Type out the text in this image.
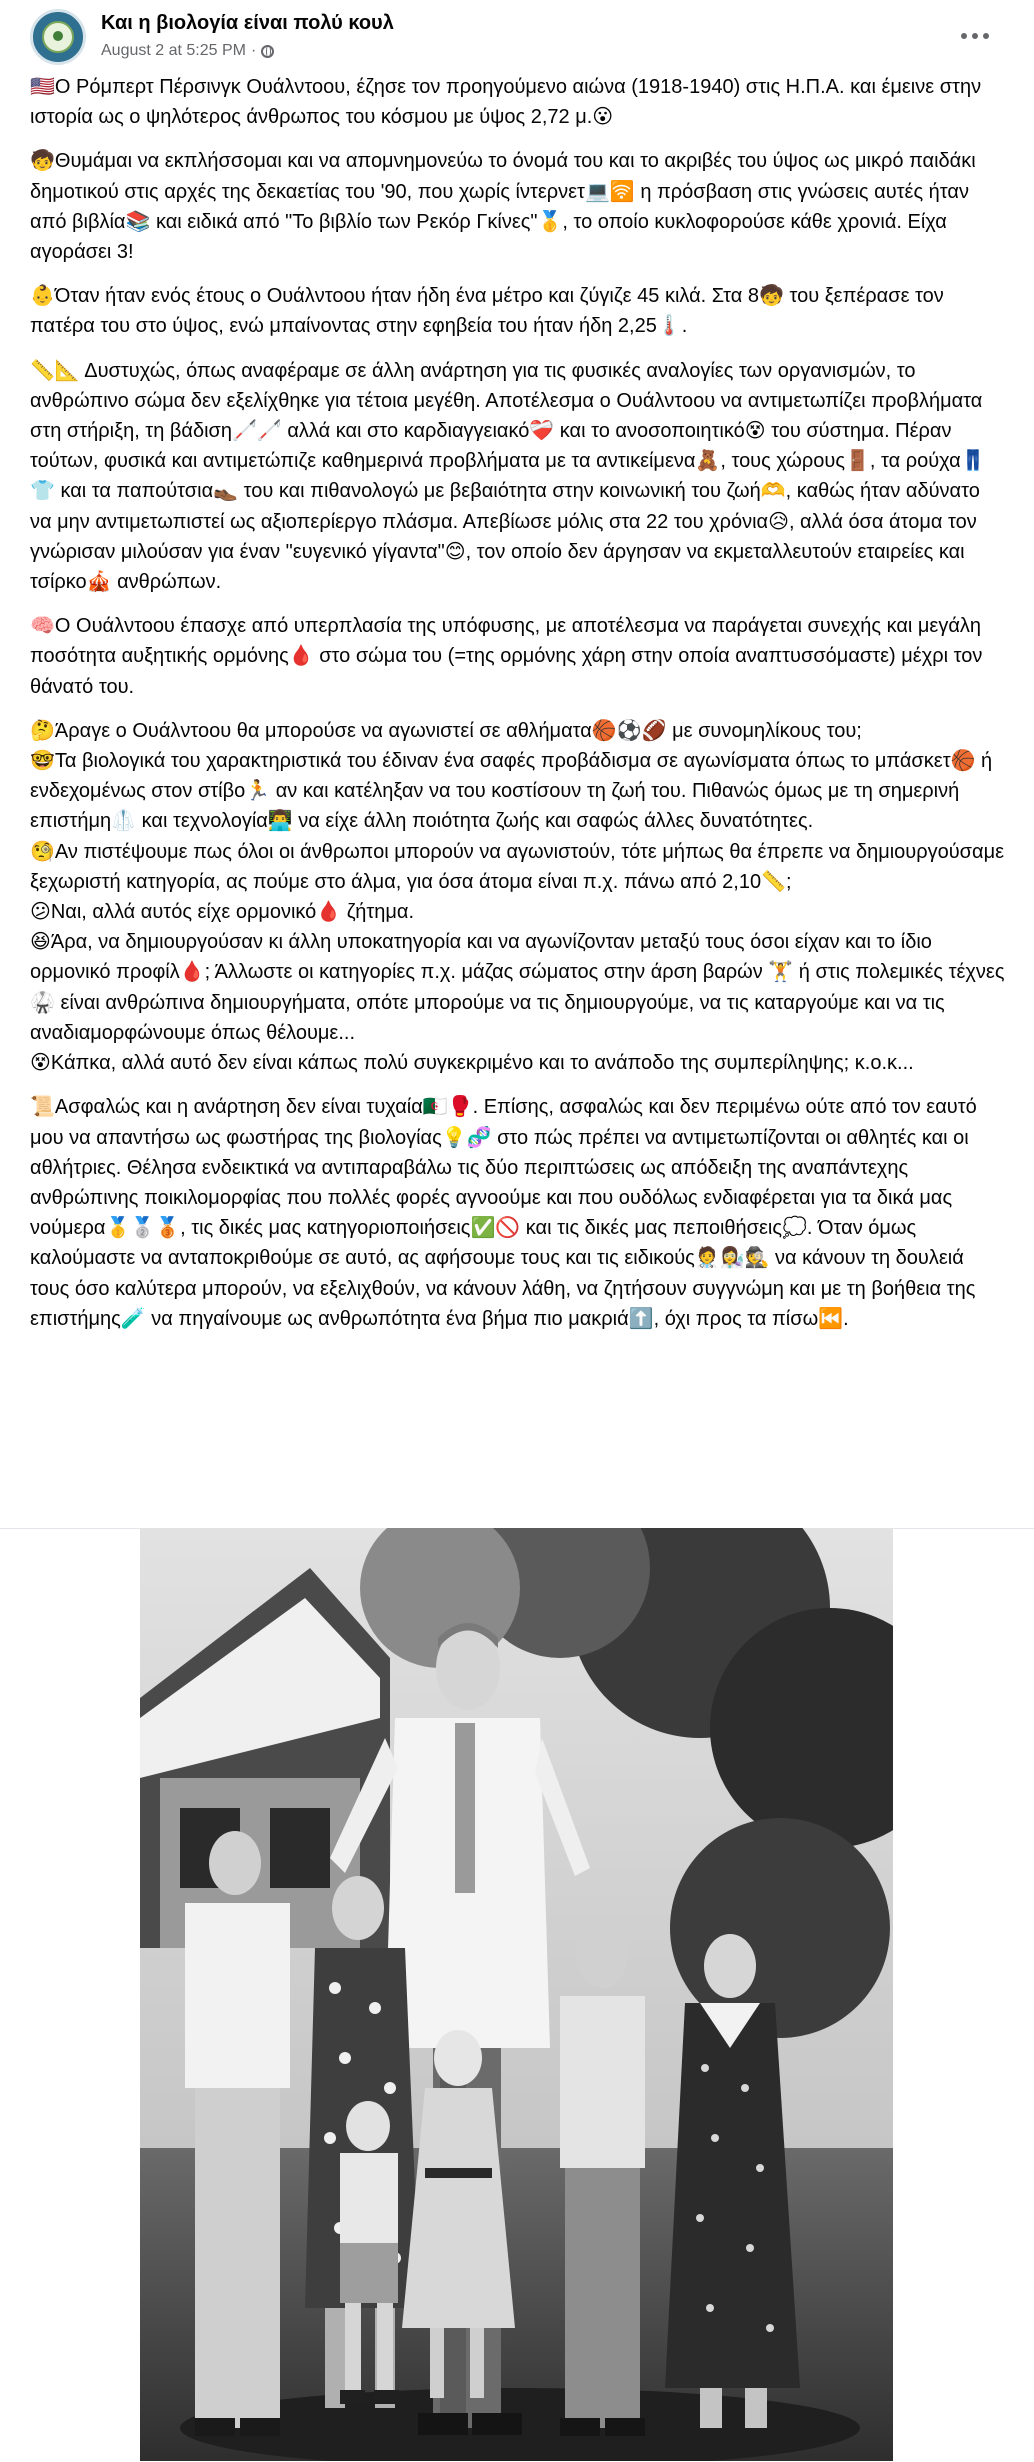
Και η βιολογία είναι πολύ κουλ
August 2 at 5:25 PM ·

🇺🇸Ο Ρόμπερτ Πέρσινγκ Ουάλντοου, έζησε τον προηγούμενο αιώνα (1918-1940) στις Η.Π.Α. και έμεινε στην ιστορία ως ο ψηλότερος άνθρωπος του κόσμου με ύψος 2,72 μ.😮

🧒Θυμάμαι να εκπλήσσομαι και να απομνημονεύω το όνομά του και το ακριβές του ύψος ως μικρό παιδάκι δημοτικού στις αρχές της δεκαετίας του '90, που χωρίς ίντερνετ💻🛜 η πρόσβαση στις γνώσεις αυτές ήταν από βιβλία📚 και ειδικά από "Το βιβλίο των Ρεκόρ Γκίνες"🥇, το οποίο κυκλοφορούσε κάθε χρονιά. Είχα αγοράσει 3!

👶Όταν ήταν ενός έτους ο Ουάλντοου ήταν ήδη ένα μέτρο και ζύγιζε 45 κιλά. Στα 8🧒 του ξεπέρασε τον πατέρα του στο ύψος, ενώ μπαίνοντας στην εφηβεία του ήταν ήδη 2,25🌡️.

📏📐 Δυστυχώς, όπως αναφέραμε σε άλλη ανάρτηση για τις φυσικές αναλογίες των οργανισμών, το ανθρώπινο σώμα δεν εξελίχθηκε για τέτοια μεγέθη. Αποτέλεσμα ο Ουάλντοου να αντιμετωπίζει προβλήματα στη στήριξη, τη βάδιση🦯🦯 αλλά και στο καρδιαγγειακό❤️‍🩹 και το ανοσοποιητικό😵 του σύστημα. Πέραν τούτων, φυσικά και αντιμετώπιζε καθημερινά προβλήματα με τα αντικείμενα🧸, τους χώρους🚪, τα ρούχα👖👕 και τα παπούτσια👞 του και πιθανολογώ με βεβαιότητα στην κοινωνική του ζωή🫶, καθώς ήταν αδύνατο να μην αντιμετωπιστεί ως αξιοπερίεργο πλάσμα. Απεβίωσε μόλις στα 22 του χρόνια😥, αλλά όσα άτομα τον γνώρισαν μιλούσαν για έναν "ευγενικό γίγαντα"😊, τον οποίο δεν άργησαν να εκμεταλλευτούν εταιρείες και τσίρκο🎪 ανθρώπων.

🧠Ο Ουάλντοου έπασχε από υπερπλασία της υπόφυσης, με αποτέλεσμα να παράγεται συνεχής και μεγάλη ποσότητα αυξητικής ορμόνης🩸 στο σώμα του (=της ορμόνης χάρη στην οποία αναπτυσσόμαστε) μέχρι τον θάνατό του.

🤔Άραγε ο Ουάλντοου θα μπορούσε να αγωνιστεί σε αθλήματα🏀⚽🏈 με συνομηλίκους του;
🤓Τα βιολογικά του χαρακτηριστικά του έδιναν ένα σαφές προβάδισμα σε αγωνίσματα όπως το μπάσκετ🏀 ή ενδεχομένως στον στίβο🏃 αν και κατέληξαν να του κοστίσουν τη ζωή του. Πιθανώς όμως με τη σημερινή επιστήμη🥼 και τεχνολογία👨‍💻 να είχε άλλη ποιότητα ζωής και σαφώς άλλες δυνατότητες.
🧐Αν πιστέψουμε πως όλοι οι άνθρωποι μπορούν να αγωνιστούν, τότε μήπως θα έπρεπε να δημιουργούσαμε ξεχωριστή κατηγορία, ας πούμε στο άλμα, για όσα άτομα είναι π.χ. πάνω από 2,10📏;
😕Ναι, αλλά αυτός είχε ορμονικό🩸 ζήτημα.
😆Άρα, να δημιουργούσαν κι άλλη υποκατηγορία και να αγωνίζονταν μεταξύ τους όσοι είχαν και το ίδιο ορμονικό προφίλ🩸; Άλλωστε οι κατηγορίες π.χ. μάζας σώματος στην άρση βαρών 🏋️ ή στις πολεμικές τέχνες🥋 είναι ανθρώπινα δημιουργήματα, οπότε μπορούμε να τις δημιουργούμε, να τις καταργούμε και να τις αναδιαμορφώνουμε όπως θέλουμε...
😵Κάπκα, αλλά αυτό δεν είναι κάπως πολύ συγκεκριμένο και το ανάποδο της συμπερίληψης; κ.ο.κ...

📜Ασφαλώς και η ανάρτηση δεν είναι τυχαία🇩🇿🥊. Επίσης, ασφαλώς και δεν περιμένω ούτε από τον εαυτό μου να απαντήσω ως φωστήρας της βιολογίας💡🧬 στο πώς πρέπει να αντιμετωπίζονται οι αθλητές και οι αθλήτριες. Θέλησα ενδεικτικά να αντιπαραβάλω τις δύο περιπτώσεις ως απόδειξη της αναπάντεχης ανθρώπινης ποικιλομορφίας που πολλές φορές αγνοούμε και που ουδόλως ενδιαφέρεται για τα δικά μας νούμερα🥇🥈🥉, τις δικές μας κατηγοριοποιήσεις✅🚫 και τις δικές μας πεποιθήσεις💭. Όταν όμως καλούμαστε να ανταποκριθούμε σε αυτό, ας αφήσουμε τους και τις ειδικούς🧑‍⚕️👩‍🔬🕵️ να κάνουν τη δουλειά τους όσο καλύτερα μπορούν, να εξελιχθούν, να κάνουν λάθη, να ζητήσουν συγγνώμη και με τη βοήθεια της επιστήμης🧪 να πηγαίνουμε ως ανθρωπότητα ένα βήμα πιο μακριά⬆️, όχι προς τα πίσω⏮️.
